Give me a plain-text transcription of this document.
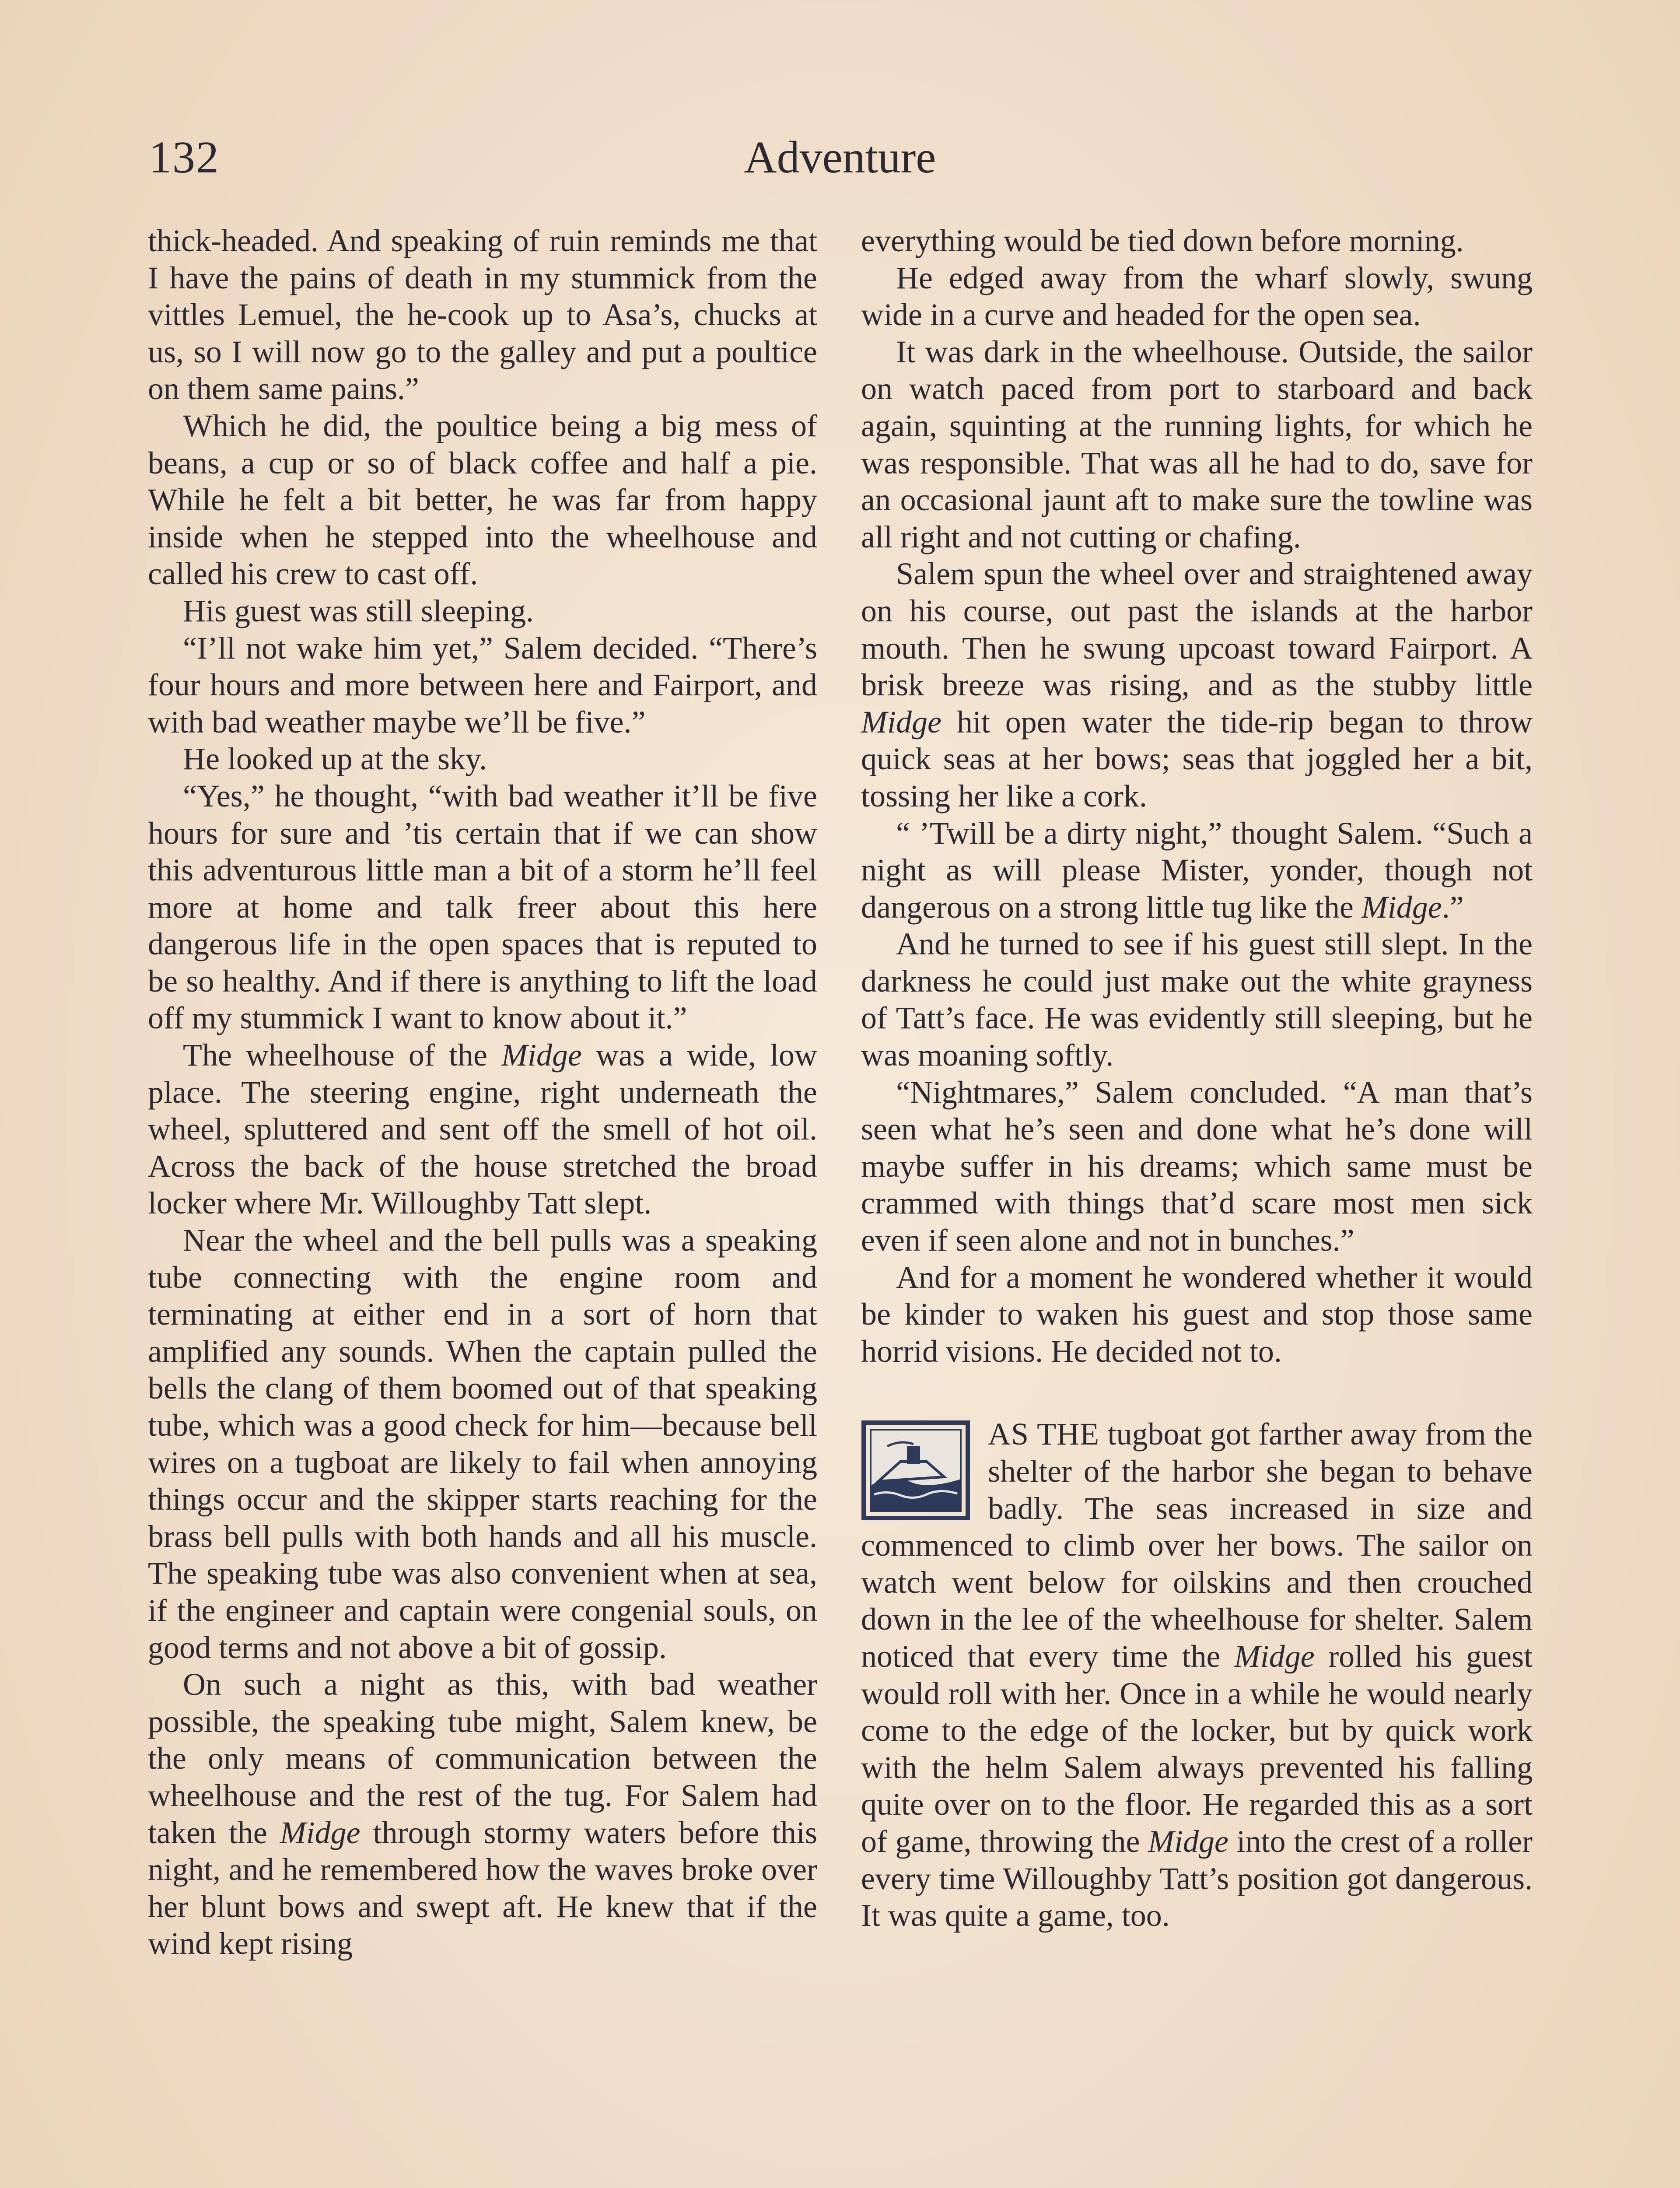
132	Adventure

thick-headed. And speaking of ruin reminds me that I have the pains of death in my stummick from the vittles Lemuel, the he-cook up to Asa’s, chucks at us, so I will now go to the galley and put a poultice on them same pains.”

Which he did, the poultice being a big mess of beans, a cup or so of black coffee and half a pie. While he felt a bit better, he was far from happy inside when he stepped into the wheelhouse and called his crew to cast off.

His guest was still sleeping.

“I’ll not wake him yet,” Salem decided. “There’s four hours and more between here and Fairport, and with bad weather maybe we’ll be five.”

He looked up at the sky.

“Yes,” he thought, “with bad weather it’ll be five hours for sure and ’tis certain that if we can show this adventurous little man a bit of a storm he’ll feel more at home and talk freer about this here dangerous life in the open spaces that is reputed to be so healthy. And if there is anything to lift the load off my stummick I want to know about it.”

The wheelhouse of the Midge was a wide, low place. The steering engine, right underneath the wheel, spluttered and sent off the smell of hot oil. Across the back of the house stretched the broad locker where Mr. Willoughby Tatt slept.

Near the wheel and the bell pulls was a speaking tube connecting with the engine room and terminating at either end in a sort of horn that amplified any sounds. When the captain pulled the bells the clang of them boomed out of that speaking tube, which was a good check for him—because bell wires on a tugboat are likely to fail when annoying things occur and the skipper starts reaching for the brass bell pulls with both hands and all his muscle. The speaking tube was also convenient when at sea, if the engineer and captain were congenial souls, on good terms and not above a bit of gossip.

On such a night as this, with bad weather possible, the speaking tube might, Salem knew, be the only means of communication between the wheelhouse and the rest of the tug. For Salem had taken the Midge through stormy waters before this night, and he remembered how the waves broke over her blunt bows and swept aft. He knew that if the wind kept rising

everything would be tied down before morning.

He edged away from the wharf slowly, swung wide in a curve and headed for the open sea.

It was dark in the wheelhouse. Outside, the sailor on watch paced from port to starboard and back again, squinting at the running lights, for which he was responsible. That was all he had to do, save for an occasional jaunt aft to make sure the towline was all right and not cutting or chafing.

Salem spun the wheel over and straightened away on his course, out past the islands at the harbor mouth. Then he swung upcoast toward Fairport. A brisk breeze was rising, and as the stubby little Midge hit open water the tide-rip began to throw quick seas at her bows; seas that joggled her a bit, tossing her like a cork.

“ ’Twill be a dirty night,” thought Salem. “Such a night as will please Mister, yonder, though not dangerous on a strong little tug like the Midge.”

And he turned to see if his guest still slept. In the darkness he could just make out the white grayness of Tatt’s face. He was evidently still sleeping, but he was moaning softly.

“Nightmares,” Salem concluded. “A man that’s seen what he’s seen and done what he’s done will maybe suffer in his dreams; which same must be crammed with things that’d scare most men sick even if seen alone and not in bunches.”

And for a moment he wondered whether it would be kinder to waken his guest and stop those same horrid visions. He decided not to.

AS THE tugboat got farther away from the shelter of the harbor she began to behave badly. The seas increased in size and commenced to climb over her bows. The sailor on watch went below for oilskins and then crouched down in the lee of the wheelhouse for shelter. Salem noticed that every time the Midge rolled his guest would roll with her. Once in a while he would nearly come to the edge of the locker, but by quick work with the helm Salem always prevented his falling quite over on to the floor. He regarded this as a sort of game, throwing the Midge into the crest of a roller every time Willoughby Tatt’s position got dangerous. It was quite a game, too.
